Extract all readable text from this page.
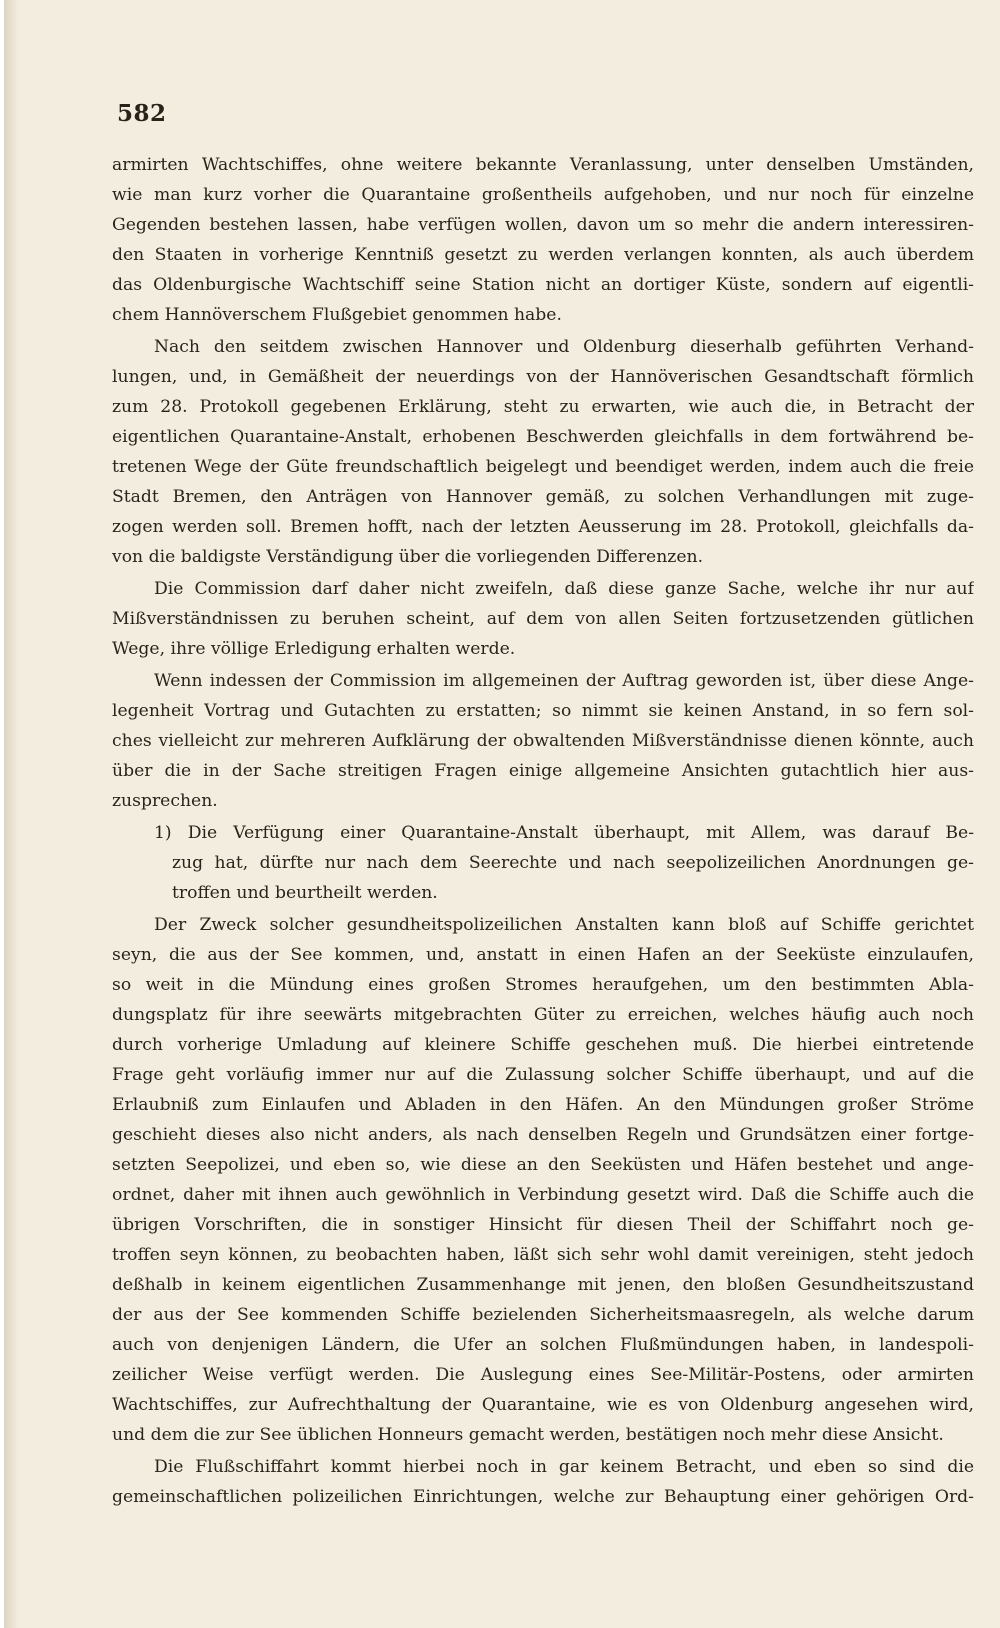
582
armirten Wachtschiffes, ohne weitere bekannte Veranlassung, unter denselben Umständen,
wie man kurz vorher die Quarantaine großentheils aufgehoben, und nur noch für einzelne
Gegenden bestehen lassen, habe verfügen wollen, davon um so mehr die andern interessiren-
den Staaten in vorherige Kenntniß gesetzt zu werden verlangen konnten, als auch überdem
das Oldenburgische Wachtschiff seine Station nicht an dortiger Küste, sondern auf eigentli-
chem Hannöverschem Flußgebiet genommen habe.
Nach den seitdem zwischen Hannover und Oldenburg dieserhalb geführten Verhand-
lungen, und, in Gemäßheit der neuerdings von der Hannöverischen Gesandtschaft förmlich
zum 28. Protokoll gegebenen Erklärung, steht zu erwarten, wie auch die, in Betracht der
eigentlichen Quarantaine-Anstalt, erhobenen Beschwerden gleichfalls in dem fortwährend be-
tretenen Wege der Güte freundschaftlich beigelegt und beendiget werden, indem auch die freie
Stadt Bremen, den Anträgen von Hannover gemäß, zu solchen Verhandlungen mit zuge-
zogen werden soll. Bremen hofft, nach der letzten Aeusserung im 28. Protokoll, gleichfalls da-
von die baldigste Verständigung über die vorliegenden Differenzen.
Die Commission darf daher nicht zweifeln, daß diese ganze Sache, welche ihr nur auf
Mißverständnissen zu beruhen scheint, auf dem von allen Seiten fortzusetzenden gütlichen
Wege, ihre völlige Erledigung erhalten werde.
Wenn indessen der Commission im allgemeinen der Auftrag geworden ist, über diese Ange-
legenheit Vortrag und Gutachten zu erstatten; so nimmt sie keinen Anstand, in so fern sol-
ches vielleicht zur mehreren Aufklärung der obwaltenden Mißverständnisse dienen könnte, auch
über die in der Sache streitigen Fragen einige allgemeine Ansichten gutachtlich hier aus-
zusprechen.
1) Die Verfügung einer Quarantaine-Anstalt überhaupt, mit Allem, was darauf Be-
zug hat, dürfte nur nach dem Seerechte und nach seepolizeilichen Anordnungen ge-
troffen und beurtheilt werden.
Der Zweck solcher gesundheitspolizeilichen Anstalten kann bloß auf Schiffe gerichtet
seyn, die aus der See kommen, und, anstatt in einen Hafen an der Seeküste einzulaufen,
so weit in die Mündung eines großen Stromes heraufgehen, um den bestimmten Abla-
dungsplatz für ihre seewärts mitgebrachten Güter zu erreichen, welches häufig auch noch
durch vorherige Umladung auf kleinere Schiffe geschehen muß. Die hierbei eintretende
Frage geht vorläufig immer nur auf die Zulassung solcher Schiffe überhaupt, und auf die
Erlaubniß zum Einlaufen und Abladen in den Häfen. An den Mündungen großer Ströme
geschieht dieses also nicht anders, als nach denselben Regeln und Grundsätzen einer fortge-
setzten Seepolizei, und eben so, wie diese an den Seeküsten und Häfen bestehet und ange-
ordnet, daher mit ihnen auch gewöhnlich in Verbindung gesetzt wird. Daß die Schiffe auch die
übrigen Vorschriften, die in sonstiger Hinsicht für diesen Theil der Schiffahrt noch ge-
troffen seyn können, zu beobachten haben, läßt sich sehr wohl damit vereinigen, steht jedoch
deßhalb in keinem eigentlichen Zusammenhange mit jenen, den bloßen Gesundheitszustand
der aus der See kommenden Schiffe bezielenden Sicherheitsmaasregeln, als welche darum
auch von denjenigen Ländern, die Ufer an solchen Flußmündungen haben, in landespoli-
zeilicher Weise verfügt werden. Die Auslegung eines See-Militär-Postens, oder armirten
Wachtschiffes, zur Aufrechthaltung der Quarantaine, wie es von Oldenburg angesehen wird,
und dem die zur See üblichen Honneurs gemacht werden, bestätigen noch mehr diese Ansicht.
Die Flußschiffahrt kommt hierbei noch in gar keinem Betracht, und eben so sind die
gemeinschaftlichen polizeilichen Einrichtungen, welche zur Behauptung einer gehörigen Ord-
